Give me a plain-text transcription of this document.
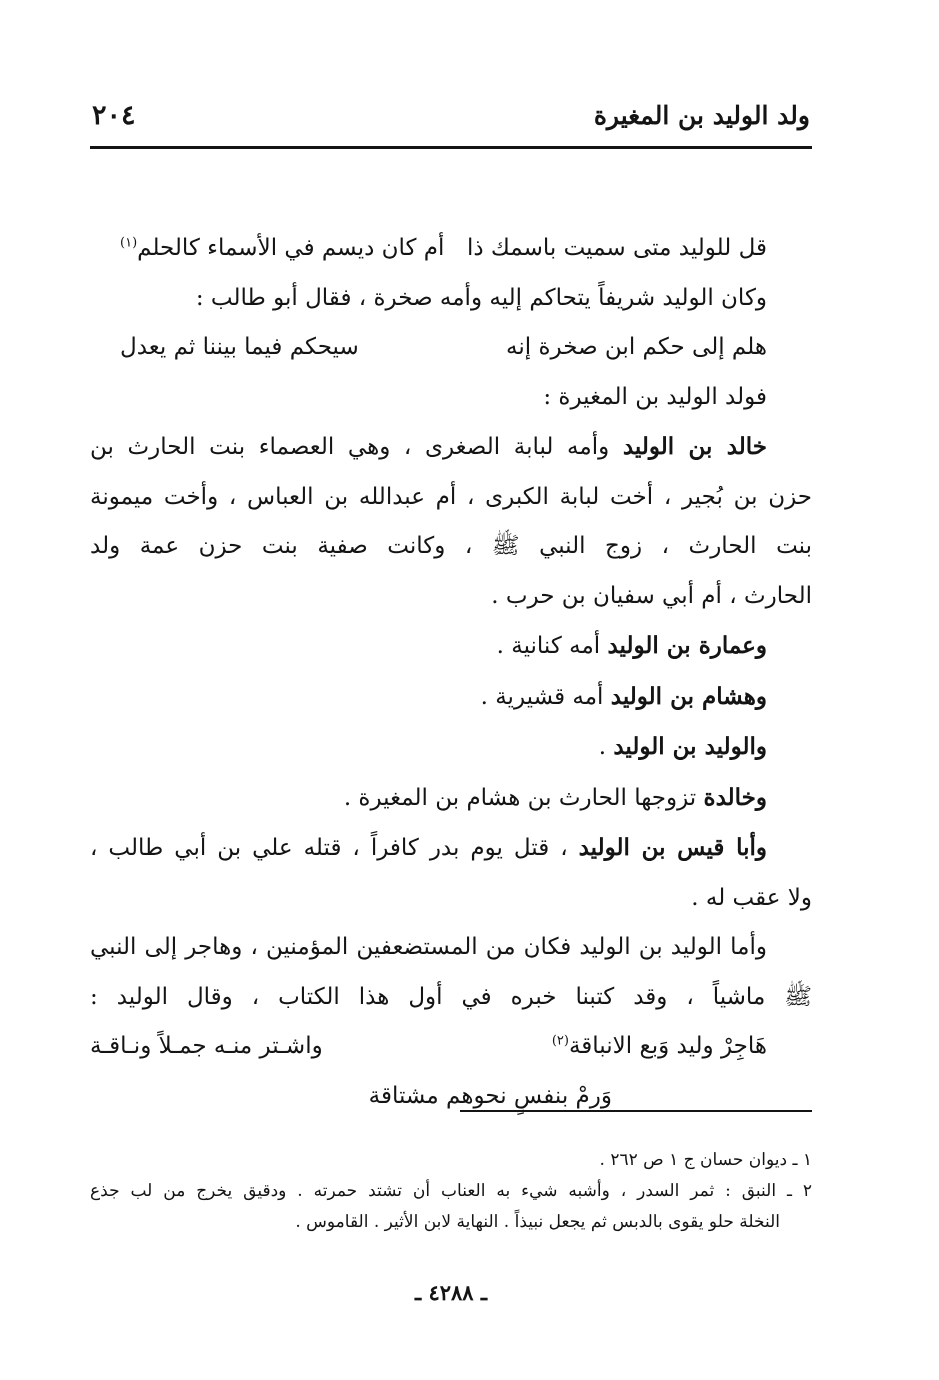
ولد الوليد بن المغيرة
٢٠٤
قل للوليد متى سميت باسمك ذا
أم كان ديسم في الأسماء كالحلم$^{(١)}$
وكان الوليد شريفاً يتحاكم إليه وأمه صخرة ، فقال أبو طالب :
هلم إلى حكم ابن صخرة إنه
سيحكم فيما بيننا ثم يعدل
فولد الوليد بن المغيرة :
خالد بن الوليد وأمه لبابة الصغرى ، وهي العصماء بنت الحارث بن
حزن بن بُجير ، أخت لبابة الكبرى ، أم عبدالله بن العباس ، وأخت ميمونة
بنت الحارث ، زوج النبي ﷺ ، وكانت صفية بنت حزن عمة ولد
الحارث ، أم أبي سفيان بن حرب .
وعمارة بن الوليد أمه كنانية .
وهشام بن الوليد أمه قشيرية .
والوليد بن الوليد .
وخالدة تزوجها الحارث بن هشام بن المغيرة .
وأبا قيس بن الوليد ، قتل يوم بدر كافراً ، قتله علي بن أبي طالب ،
ولا عقب له .
وأما الوليد بن الوليد فكان من المستضعفين المؤمنين ، وهاجر إلى النبي
ﷺ ماشياً ، وقد كتبنا خبره في أول هذا الكتاب ، وقال الوليد :
هَاجِرْ وليد وَبع الانباقة$^{(٢)}$
واشـتر منـه جمـلاً ونـاقـة
وَرمْ بنفسٍ نحوهم مشتاقة
١ ـ ديوان حسان ج ١ ص ٢٦٢ .
٢ ـ النبق : ثمر السدر ، وأشبه شيء به العناب أن تشتد حمرته . ودقيق يخرج من لب جذع
النخلة حلو يقوى بالدبس ثم يجعل نبيذاً . النهاية لابن الأثير . القاموس .
ـ ٤٢٨٨ ـ
